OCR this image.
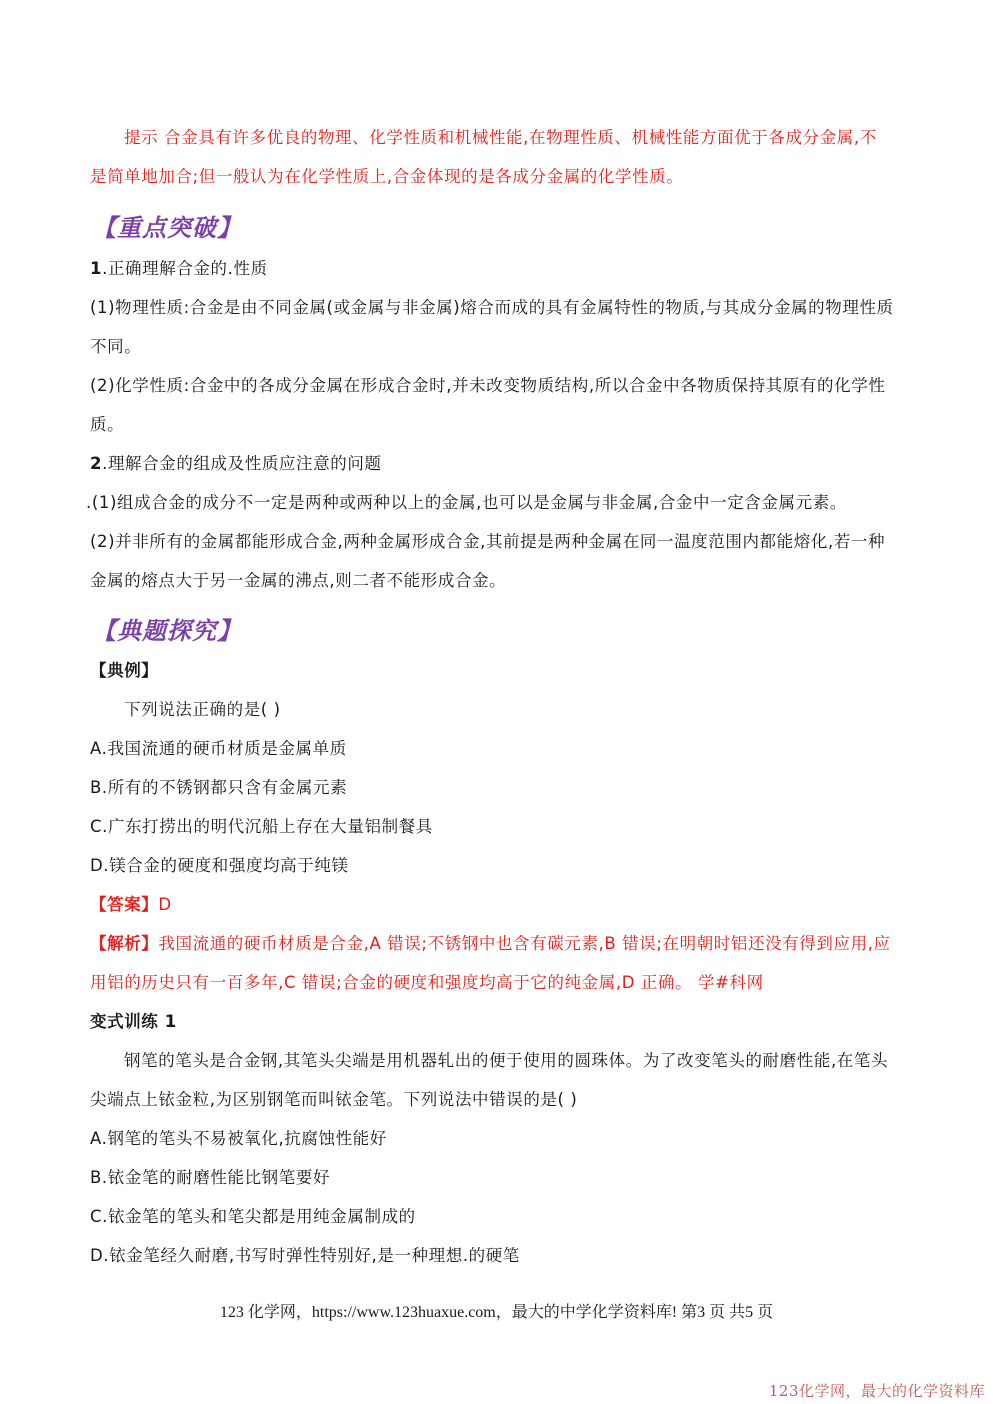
提示 合金具有许多优良的物理、化学性质和机械性能,在物理性质、机械性能方面优于各成分金属,不
是简单地加合;但一般认为在化学性质上,合金体现的是各成分金属的化学性质。
【重点突破】
1.正确理解合金的.性质
(1)物理性质:合金是由不同金属(或金属与非金属)熔合而成的具有金属特性的物质,与其成分金属的物理性质
不同。
(2)化学性质:合金中的各成分金属在形成合金时,并未改变物质结构,所以合金中各物质保持其原有的化学性
质。
2.理解合金的组成及性质应注意的问题
.(1)组成合金的成分不一定是两种或两种以上的金属,也可以是金属与非金属,合金中一定含金属元素。
(2)并非所有的金属都能形成合金,两种金属形成合金,其前提是两种金属在同一温度范围内都能熔化,若一种
金属的熔点大于另一金属的沸点,则二者不能形成合金。
【典题探究】
【典例】
下列说法正确的是( )
A.我国流通的硬币材质是金属单质
B.所有的不锈钢都只含有金属元素
C.广东打捞出的明代沉船上存在大量铝制餐具
D.镁合金的硬度和强度均高于纯镁
【答案】D
【解析】我国流通的硬币材质是合金,A 错误;不锈钢中也含有碳元素,B 错误;在明朝时铝还没有得到应用,应
用铝的历史只有一百多年,C 错误;合金的硬度和强度均高于它的纯金属,D 正确。 学#科网
变式训练 1
钢笔的笔头是合金钢,其笔头尖端是用机器轧出的便于使用的圆珠体。为了改变笔头的耐磨性能,在笔头
尖端点上铱金粒,为区别钢笔而叫铱金笔。下列说法中错误的是( )
A.钢笔的笔头不易被氧化,抗腐蚀性能好
B.铱金笔的耐磨性能比钢笔要好
C.铱金笔的笔头和笔尖都是用纯金属制成的
D.铱金笔经久耐磨,书写时弹性特别好,是一种理想.的硬笔
123 化学网，https://www.123huaxue.com，最大的中学化学资料库! 第3 页 共5 页
123化学网，最大的化学资料库
